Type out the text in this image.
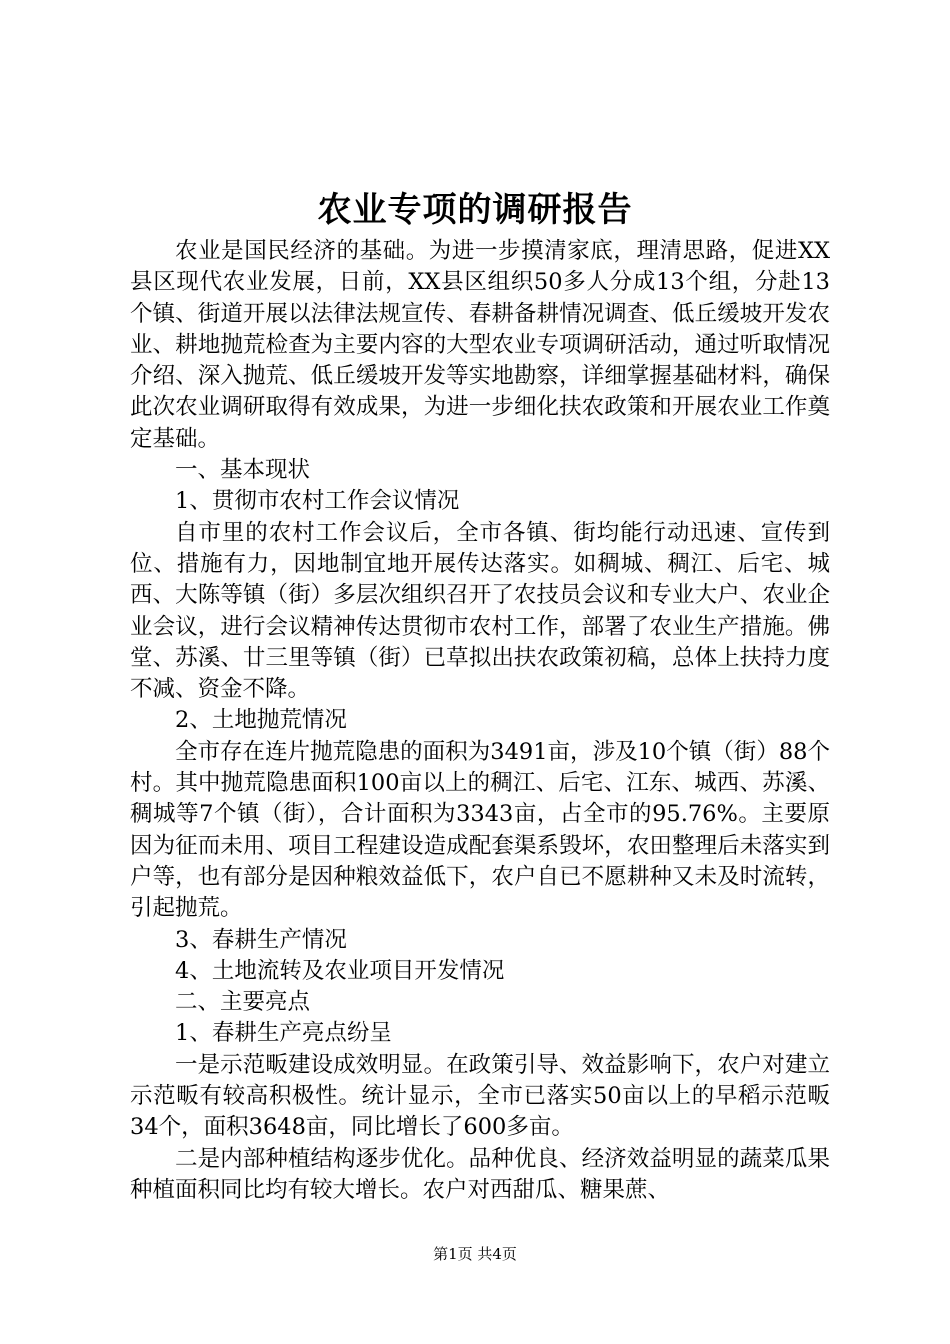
农业专项的调研报告

农业是国民经济的基础。为进一步摸清家底，理清思路，促进XX县区现代农业发展，日前，XX县区组织50多人分成13个组，分赴13个镇、街道开展以法律法规宣传、春耕备耕情况调查、低丘缓坡开发农业、耕地抛荒检查为主要内容的大型农业专项调研活动，通过听取情况介绍、深入抛荒、低丘缓坡开发等实地勘察，详细掌握基础材料，确保此次农业调研取得有效成果，为进一步细化扶农政策和开展农业工作奠定基础。

一、基本现状

1、贯彻市农村工作会议情况

自市里的农村工作会议后，全市各镇、街均能行动迅速、宣传到位、措施有力，因地制宜地开展传达落实。如稠城、稠江、后宅、城西、大陈等镇（街）多层次组织召开了农技员会议和专业大户、农业企业会议，进行会议精神传达贯彻市农村工作，部署了农业生产措施。佛堂、苏溪、廿三里等镇（街）已草拟出扶农政策初稿，总体上扶持力度不减、资金不降。

2、土地抛荒情况

全市存在连片抛荒隐患的面积为3491亩，涉及10个镇（街）88个村。其中抛荒隐患面积100亩以上的稠江、后宅、江东、城西、苏溪、稠城等7个镇（街），合计面积为3343亩，占全市的95.76%。主要原因为征而未用、项目工程建设造成配套渠系毁坏，农田整理后未落实到户等，也有部分是因种粮效益低下，农户自已不愿耕种又未及时流转，引起抛荒。

3、春耕生产情况

4、土地流转及农业项目开发情况

二、主要亮点

1、春耕生产亮点纷呈

一是示范畈建设成效明显。在政策引导、效益影响下，农户对建立示范畈有较高积极性。统计显示，全市已落实50亩以上的早稻示范畈34个，面积3648亩，同比增长了600多亩。

二是内部种植结构逐步优化。品种优良、经济效益明显的蔬菜瓜果种植面积同比均有较大增长。农户对西甜瓜、糖果蔗、

第1页 共4页
